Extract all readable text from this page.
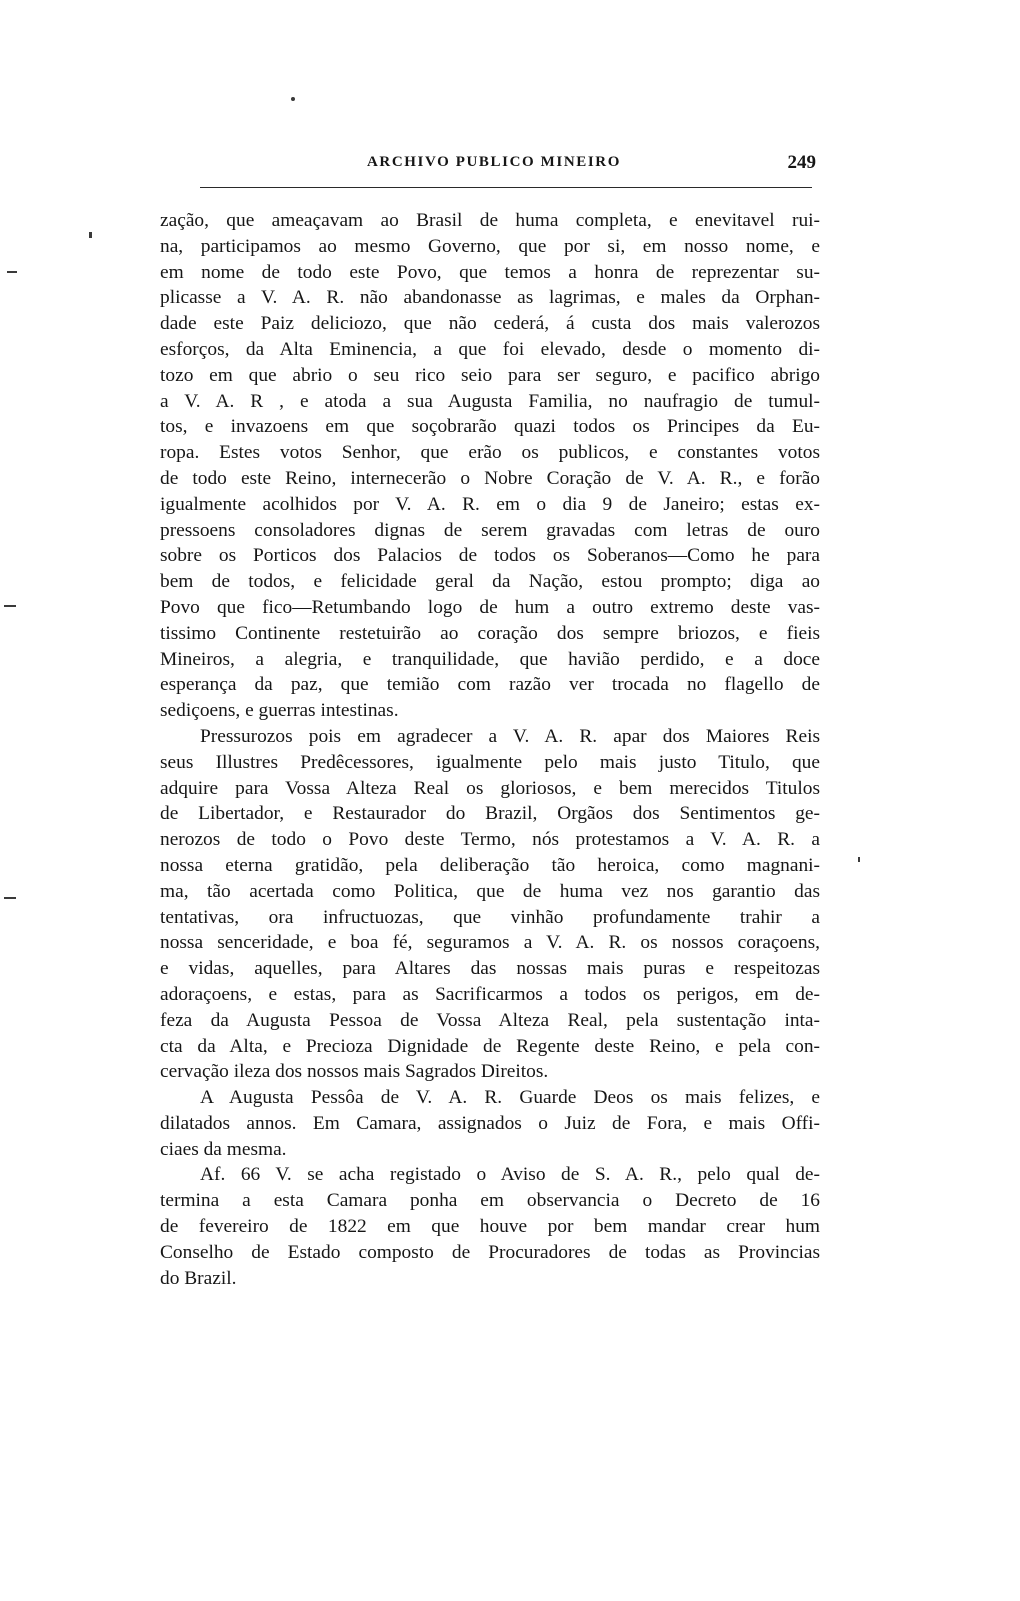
ARCHIVO PUBLICO MINEIRO	249
zação, que ameaçavam ao Brasil de huma completa, e enevitavel rui-
na, participamos ao mesmo Governo, que por si, em nosso nome, e
em nome de todo este Povo, que temos a honra de reprezentar su-
plicasse a V. A. R. não abandonasse as lagrimas, e males da Orphan-
dade este Paiz deliciozo, que não cederá, á custa dos mais valerozos
esforços, da Alta Eminencia, a que foi elevado, desde o momento di-
tozo em que abrio o seu rico seio para ser seguro, e pacifico abrigo
a V. A. R , e atoda a sua Augusta Familia, no naufragio de tumul-
tos, e invazoens em que soçobrarão quazi todos os Principes da Eu-
ropa. Estes votos Senhor, que erão os publicos, e constantes votos
de todo este Reino, internecerão o Nobre Coração de V. A. R., e forão
igualmente acolhidos por V. A. R. em o dia 9 de Janeiro; estas ex-
pressoens consoladores dignas de serem gravadas com letras de ouro
sobre os Porticos dos Palacios de todos os Soberanos—Como he para
bem de todos, e felicidade geral da Nação, estou prompto; diga ao
Povo que fico—Retumbando logo de hum a outro extremo deste vas-
tissimo Continente restetuirão ao coração dos sempre briozos, e fieis
Mineiros, a alegria, e tranquilidade, que havião perdido, e a doce
esperança da paz, que temião com razão ver trocada no flagello de
sediçoens, e guerras intestinas.
Pressurozos pois em agradecer a V. A. R. apar dos Maiores Reis
seus Illustres Predêcessores, igualmente pelo mais justo Titulo, que
adquire para Vossa Alteza Real os gloriosos, e bem merecidos Titulos
de Libertador, e Restaurador do Brazil, Orgãos dos Sentimentos ge-
nerozos de todo o Povo deste Termo, nós protestamos a V. A. R. a
nossa eterna gratidão, pela deliberação tão heroica, como magnani-
ma, tão acertada como Politica, que de huma vez nos garantio das
tentativas, ora infructuozas, que vinhão profundamente trahir a
nossa senceridade, e boa fé, seguramos a V. A. R. os nossos coraçoens,
e vidas, aquelles, para Altares das nossas mais puras e respeitozas
adoraçoens, e estas, para as Sacrificarmos a todos os perigos, em de-
feza da Augusta Pessoa de Vossa Alteza Real, pela sustentação inta-
cta da Alta, e Precioza Dignidade de Regente deste Reino, e pela con-
cervação ileza dos nossos mais Sagrados Direitos.
A Augusta Pessôa de V. A. R. Guarde Deos os mais felizes, e
dilatados annos. Em Camara, assignados o Juiz de Fora, e mais Offi-
ciaes da mesma.
Af. 66 V. se acha registado o Aviso de S. A. R., pelo qual de-
termina a esta Camara ponha em observancia o Decreto de 16
de fevereiro de 1822 em que houve por bem mandar crear hum
Conselho de Estado composto de Procuradores de todas as Provincias
do Brazil.
